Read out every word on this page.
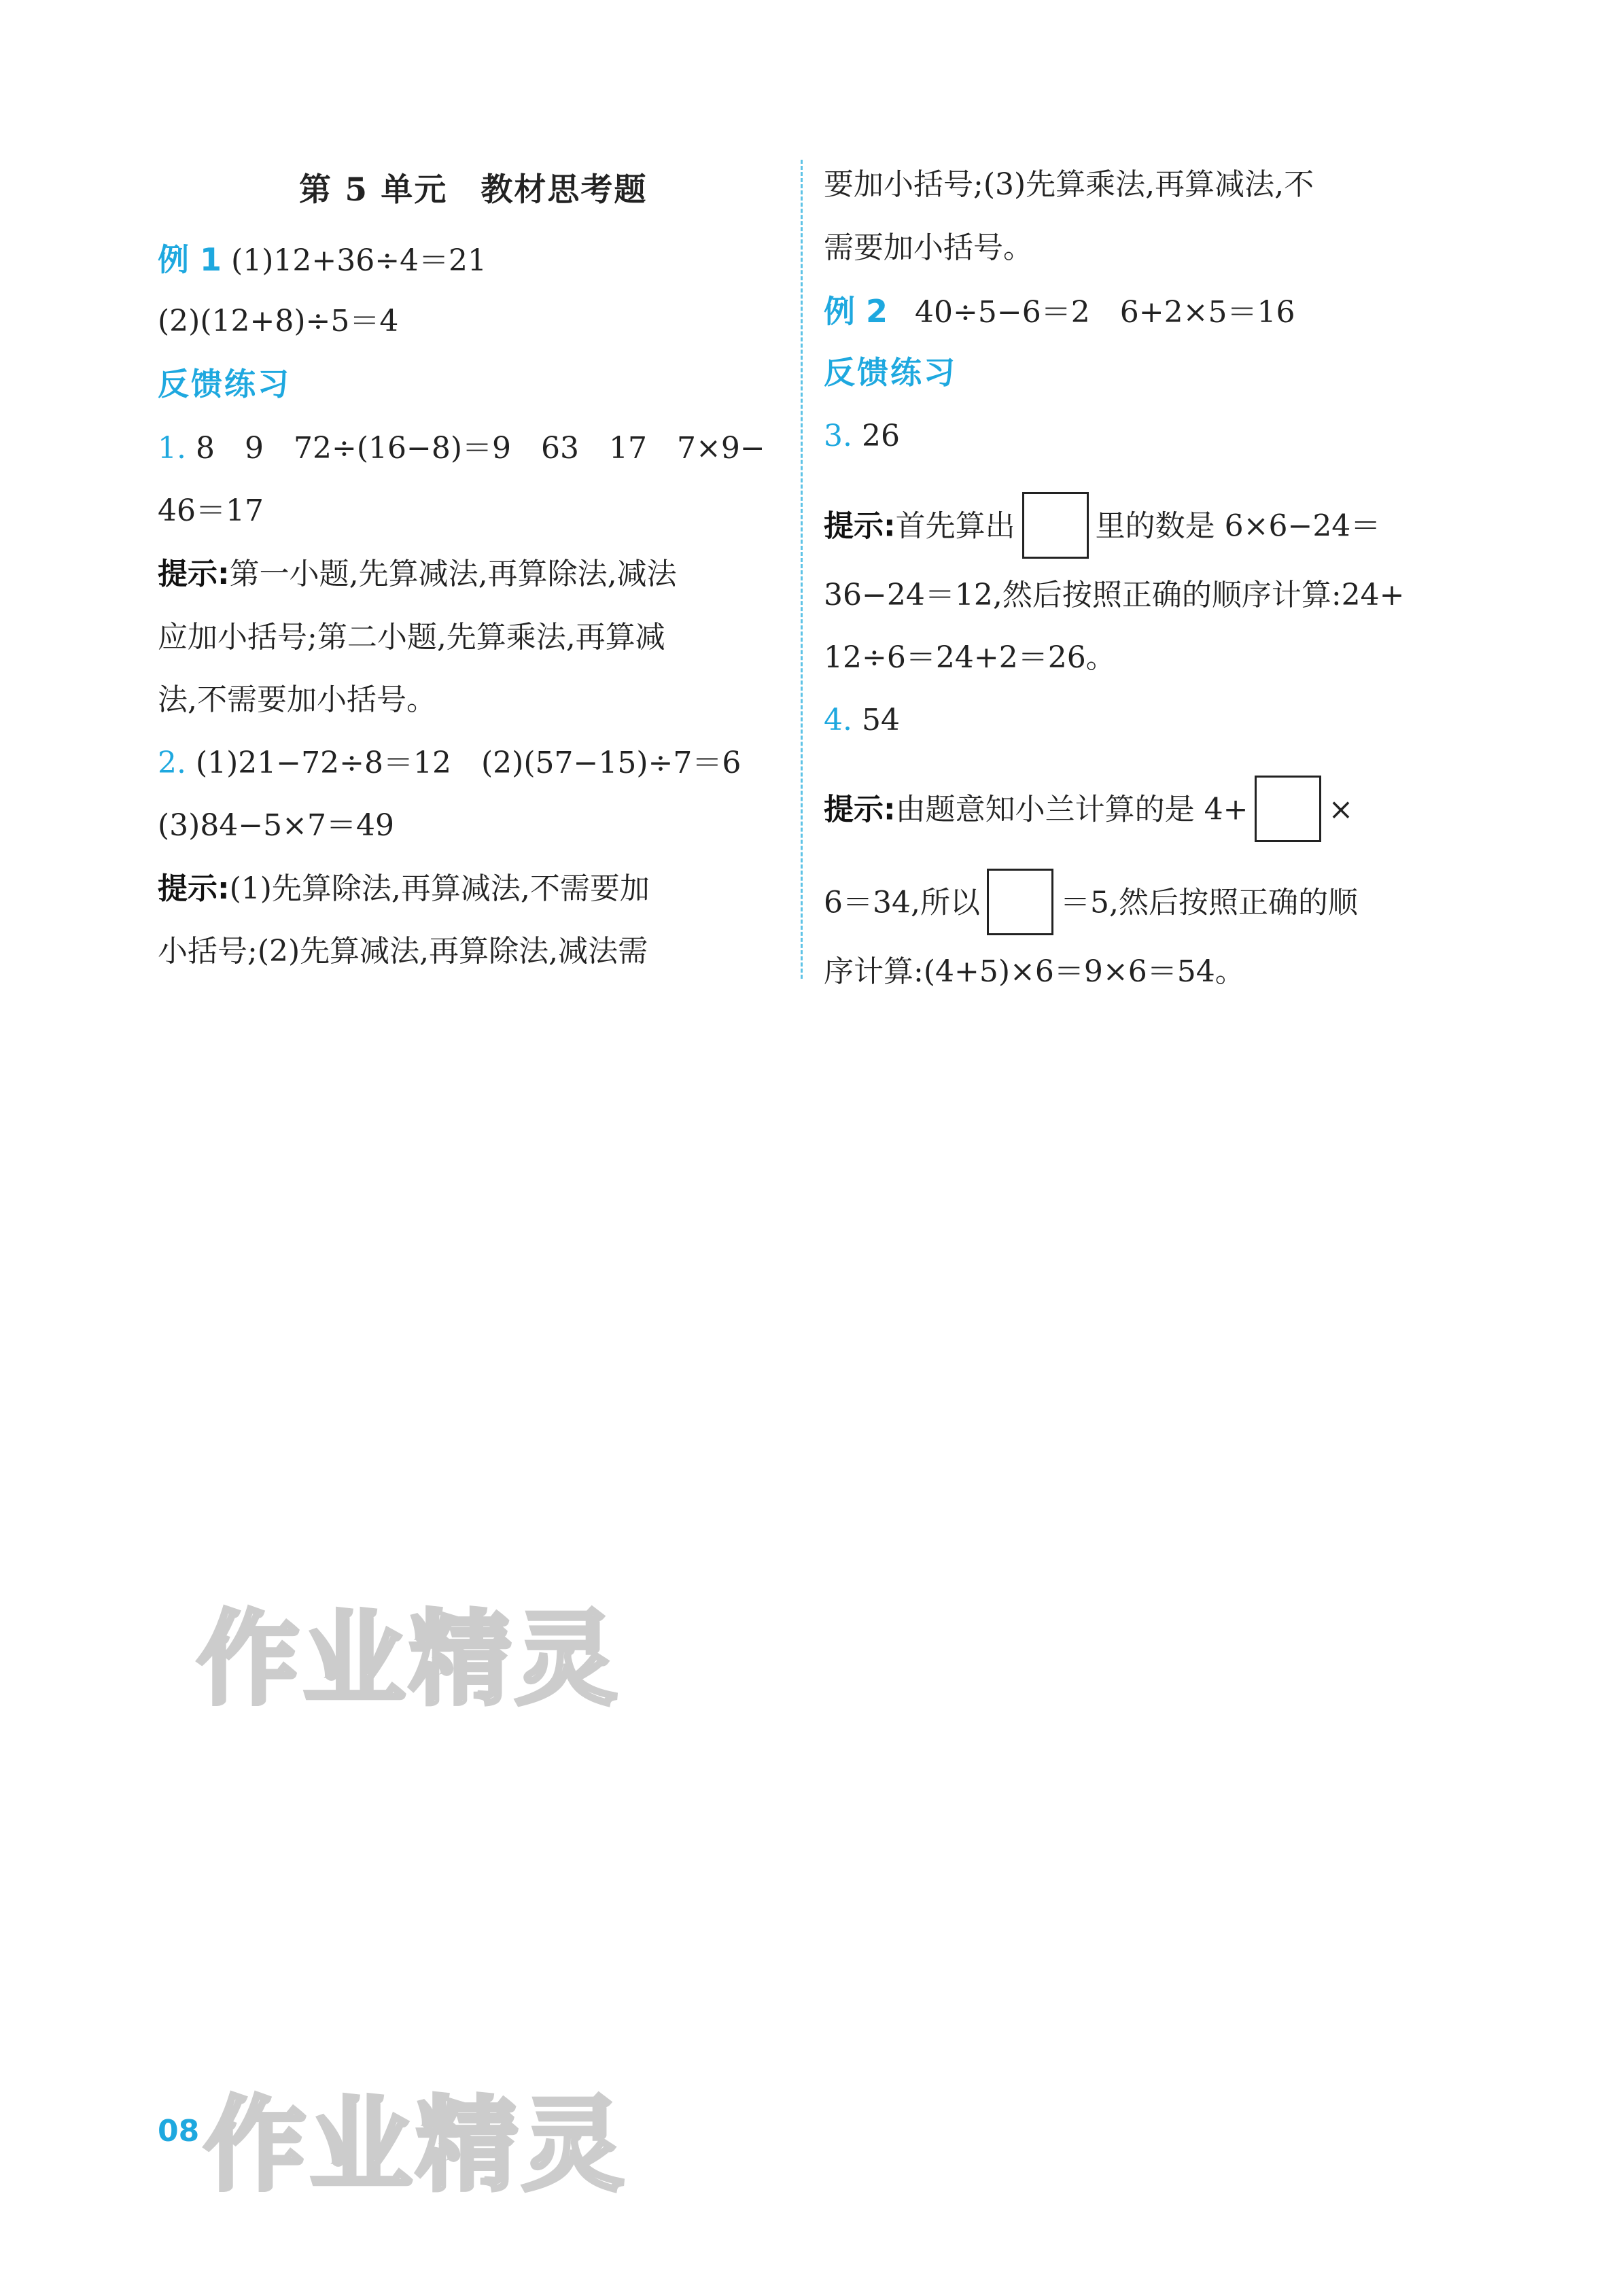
第 5 单元　教材思考题
例 1 (1)12+36÷4＝21
(2)(12+8)÷5＝4
反馈练习
1. 8　9　72÷(16−8)＝9　63　17　7×9−
46＝17
提示:第一小题,先算减法,再算除法,减法
应加小括号;第二小题,先算乘法,再算减
法,不需要加小括号。
2. (1)21−72÷8＝12　(2)(57−15)÷7＝6
(3)84−5×7＝49
提示:(1)先算除法,再算减法,不需要加
小括号;(2)先算减法,再算除法,减法需
要加小括号;(3)先算乘法,再算减法,不
需要加小括号。
例 2 40÷5−6＝2　6+2×5＝16
反馈练习
3. 26
提示:首先算出	里的数是 6×6−24＝
36−24＝12,然后按照正确的顺序计算:24+
12÷6＝24+2＝26。
4. 54
提示:由题意知小兰计算的是 4+	×
6＝34,所以	＝5,然后按照正确的顺
序计算:(4+5)×6＝9×6＝54。
作业精灵
作业精灵
08
